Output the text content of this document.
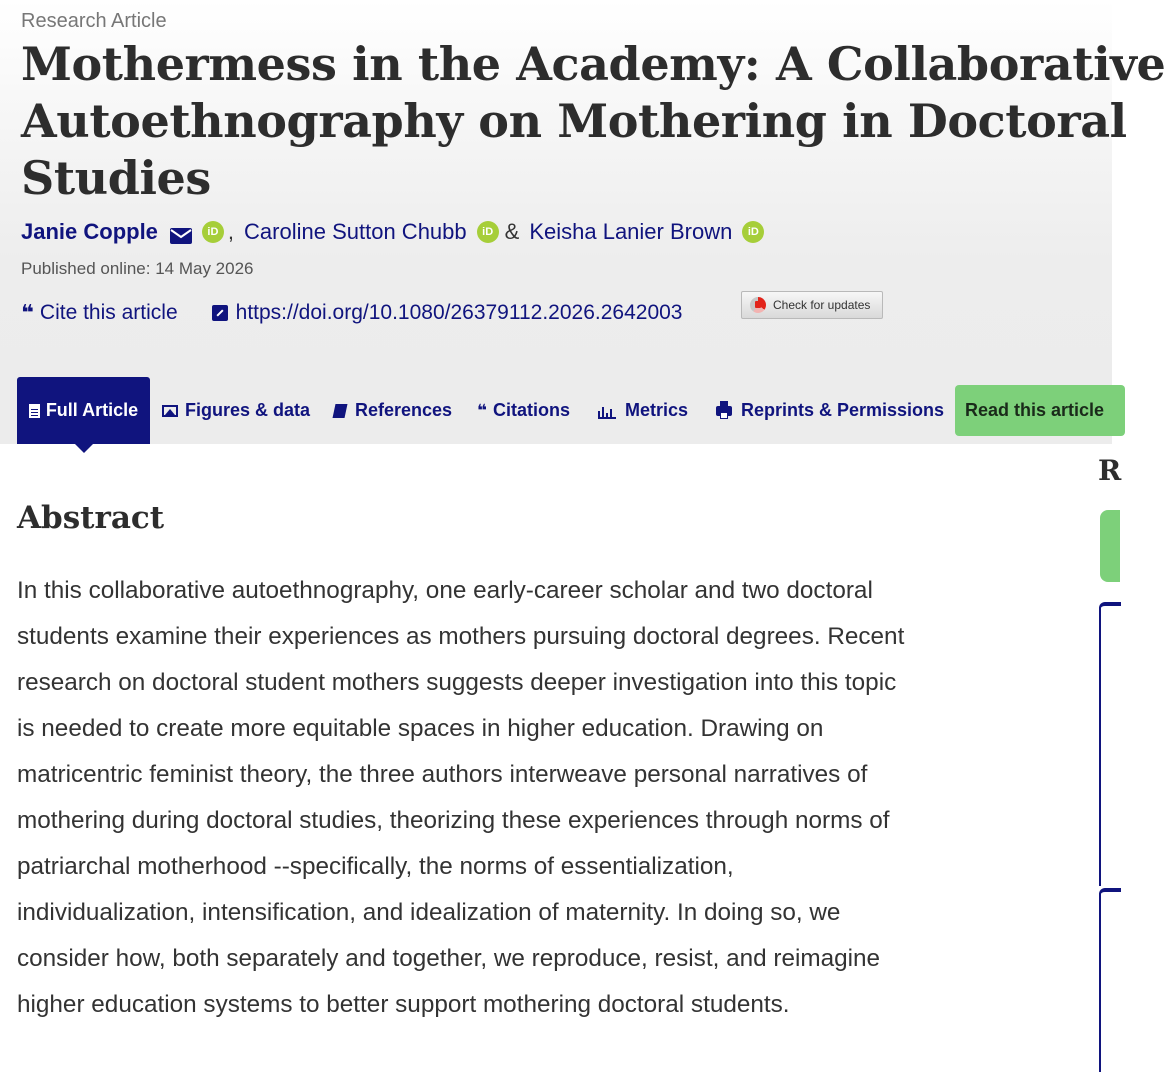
Research Article
Mothermess in the Academy: A Collaborative
Autoethnography on Mothering in Doctoral
Studies
Janie Copple	iD , Caroline Sutton Chubb	iD & Keisha Lanier Brown	iD
Published online: 14 May 2026
❝ Cite this article	https://doi.org/10.1080/26379112.2026.2642003	Check for updates
Full Article	Figures & data References ❝ Citations	Metrics	Reprints & Permissions	Read this article
Abstract

In this collaborative autoethnography, one early-career scholar and two doctoral
students examine their experiences as mothers pursuing doctoral degrees. Recent
research on doctoral student mothers suggests deeper investigation into this topic
is needed to create more equitable spaces in higher education. Drawing on
matricentric feminist theory, the three authors interweave personal narratives of
mothering during doctoral studies, theorizing these experiences through norms of
patriarchal motherhood --specifically, the norms of essentialization,
individualization, intensification, and idealization of maternity. In doing so, we
consider how, both separately and together, we reproduce, resist, and reimagine
higher education systems to better support mothering doctoral students.

R
